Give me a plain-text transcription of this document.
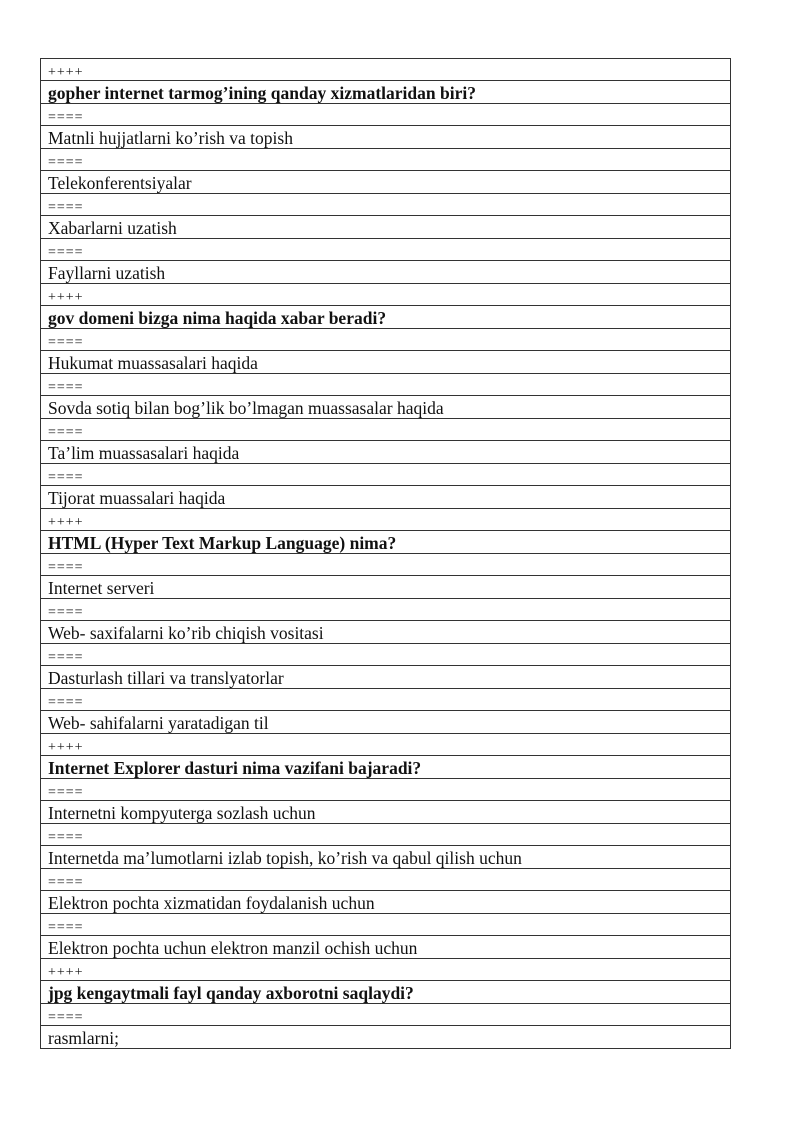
++++
gopher internet tarmog’ining qanday xizmatlaridan biri?
====
Matnli hujjatlarni ko’rish va topish
====
Telekonferentsiyalar
====
Xabarlarni uzatish
====
Fayllarni uzatish
++++
gov domeni bizga nima haqida xabar beradi?
====
Hukumat muassasalari haqida
====
Sovda sotiq bilan bog’lik bo’lmagan muassasalar haqida
====
Ta’lim muassasalari haqida
====
Tijorat muassalari haqida
++++
HTML (Hyper Text Markup Language) nima?
====
Internet serveri
====
Web- saxifalarni ko’rib chiqish vositasi
====
Dasturlash tillari va translyatorlar
====
Web- sahifalarni yaratadigan til
++++
Internet Explorer dasturi nima vazifani bajaradi?
====
Internetni kompyuterga sozlash uchun
====
Internetda ma’lumotlarni izlab topish, ko’rish va qabul qilish uchun
====
Elektron pochta xizmatidan foydalanish uchun
====
Elektron pochta uchun elektron manzil ochish uchun
++++
jpg kengaytmali fayl qanday axborotni saqlaydi?
====
rasmlarni;
